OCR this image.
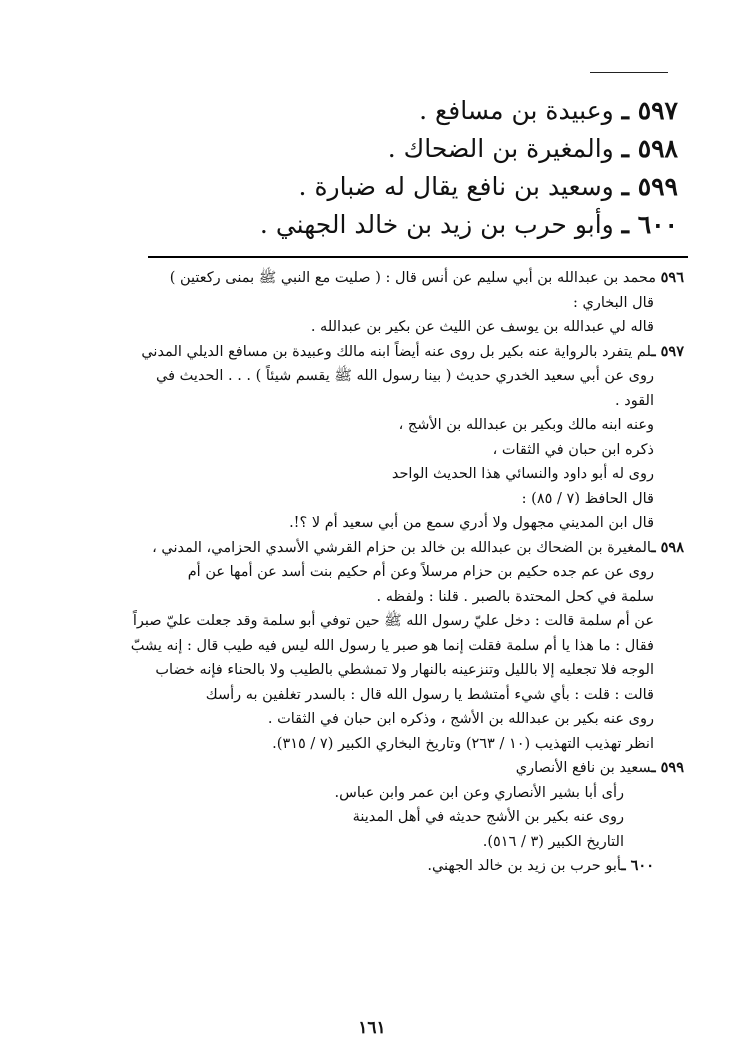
٥٩٧ ـ وعبيدة بن مسافع .
٥٩٨ ـ والمغيرة بن الضحاك .
٥٩٩ ـ وسعيد بن نافع يقال له ضبارة .
٦٠٠ ـ وأبو حرب بن زيد بن خالد الجهني .
٥٩٦ محمد بن عبدالله بن أبي سليم عن أنس قال : ( صليت مع النبي ﷺ بمنى ركعتين )
قال البخاري :
قاله لي عبدالله بن يوسف عن الليث عن بكير بن عبدالله .
٥٩٧ ـلم يتفرد بالرواية عنه بكير بل روى عنه أيضاً ابنه مالك وعبيدة بن مسافع الديلي المدني
روى عن أبي سعيد الخدري حديث ( بينا رسول الله ﷺ يقسم شيئاً ) . . . الحديث في
القود .
وعنه ابنه مالك وبكير بن عبدالله بن الأشج ،
ذكره ابن حبان في الثقات ،
روى له أبو داود والنسائي هذا الحديث الواحد
قال الحافظ (٧ / ٨٥) :
قال ابن المديني مجهول ولا أدري سمع من أبي سعيد أم لا ؟!.
٥٩٨ ـالمغيرة بن الضحاك بن عبدالله بن خالد بن حزام القرشي الأسدي الحزامي، المدني ،
روى عن عم جده حكيم بن حزام مرسلاً وعن أم حكيم بنت أسد عن أمها عن أم
سلمة في كحل المحتدة بالصبر . قلنا : ولفظه .
عن أم سلمة قالت : دخل عليّ رسول الله ﷺ حين توفي أبو سلمة وقد جعلت عليّ صبراً
فقال : ما هذا يا أم سلمة فقلت إنما هو صبر يا رسول الله ليس فيه طيب قال : إنه يشبّ
الوجه فلا تجعليه إلا بالليل وتنزعينه بالنهار ولا تمشطي بالطيب ولا بالحناء فإنه خضاب
قالت : قلت : بأي شيء أمتشط يا رسول الله قال : بالسدر تغلفين به رأسك
روى عنه بكير بن عبدالله بن الأشج ، وذكره ابن حبان في الثقات .
انظر تهذيب التهذيب (١٠ / ٢٦٣) وتاريخ البخاري الكبير (٧ / ٣١٥).
٥٩٩ ـسعيد بن نافع الأنصاري
رأى أبا بشير الأنصاري وعن ابن عمر وابن عباس.
روى عنه بكير بن الأشج حديثه في أهل المدينة
التاريخ الكبير (٣ / ٥١٦).
٦٠٠ ـأبو حرب بن زيد بن خالد الجهني.
١٦١
